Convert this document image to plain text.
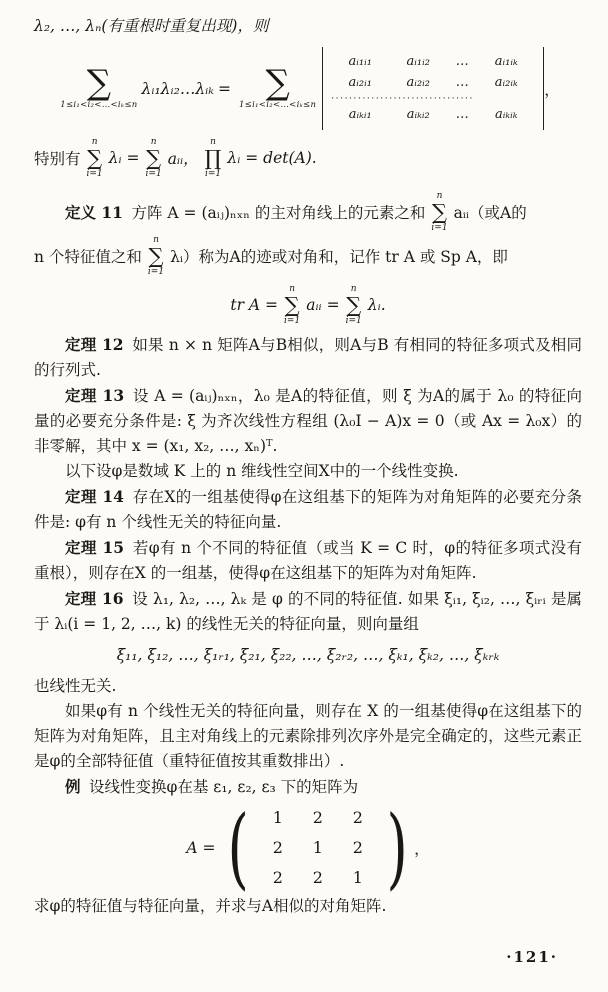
λ₂, …, λₙ(有重根时重复出现)，则

∑
1≤i₁<i₂<…<iₖ≤n
λᵢ₁λᵢ₂…λᵢₖ = ∑
1≤i₁<i₂<…<iₖ≤n
aᵢ₁ᵢ₁	aᵢ₁ᵢ₂	…	aᵢ₁ᵢₖ
aᵢ₂ᵢ₁	aᵢ₂ᵢ₂	…	aᵢ₂ᵢₖ
································
aᵢₖᵢ₁	aᵢₖᵢ₂	…	aᵢₖᵢₖ
，
特别有
n
∑
i=1
λᵢ =
n
∑
i=1
aᵢᵢ，
n
∏
i=1
λᵢ = det(A).
定义 11 方阵 A = (aᵢⱼ)ₙₓₙ 的主对角线上的元素之和
n
∑
i=1
aᵢᵢ（或A的
n 个特征值之和
n
∑
i=1
λᵢ）称为A的迹或对角和，记作 tr A 或 Sp A，即
tr A =
n
∑
i=1
aᵢᵢ =
n
∑
i=1
λᵢ.

定理 12 如果 n × n 矩阵A与B相似，则A与B 有相同的特征多项式及相同的行列式.

定理 13 设 A = (aᵢⱼ)ₙₓₙ，λ₀ 是A的特征值，则 ξ 为A的属于 λ₀ 的特征向量的必要充分条件是: ξ 为齐次线性方程组 (λ₀I − A)x = 0（或 Ax = λ₀x）的非零解，其中 x = (x₁, x₂, …, xₙ)ᵀ.

以下设φ是数域 K 上的 n 维线性空间X中的一个线性变换.

定理 14 存在X的一组基使得φ在这组基下的矩阵为对角矩阵的必要充分条件是: φ有 n 个线性无关的特征向量.

定理 15 若φ有 n 个不同的特征值（或当 K = C 时，φ的特征多项式没有重根），则存在X 的一组基，使得φ在这组基下的矩阵为对角矩阵.

定理 16 设 λ₁, λ₂, …, λₖ 是 φ 的不同的特征值. 如果 ξᵢ₁, ξᵢ₂, …, ξᵢᵣᵢ 是属于 λᵢ(i = 1, 2, …, k) 的线性无关的特征向量，则向量组

ξ₁₁, ξ₁₂, …, ξ₁ᵣ₁, ξ₂₁, ξ₂₂, …, ξ₂ᵣ₂, …, ξₖ₁, ξₖ₂, …, ξₖᵣₖ

也线性无关.

如果φ有 n 个线性无关的特征向量，则存在 X 的一组基使得φ在这组基下的矩阵为对角矩阵，且主对角线上的元素除排列次序外是完全确定的，这些元素正是φ的全部特征值（重特征值按其重数排出）.

例 设线性变换φ在基 ε₁, ε₂, ε₃ 下的矩阵为

A = (	1	2	2
2	1	2
2	2	1 ) ，

求φ的特征值与特征向量，并求与A相似的对角矩阵.

·121·
